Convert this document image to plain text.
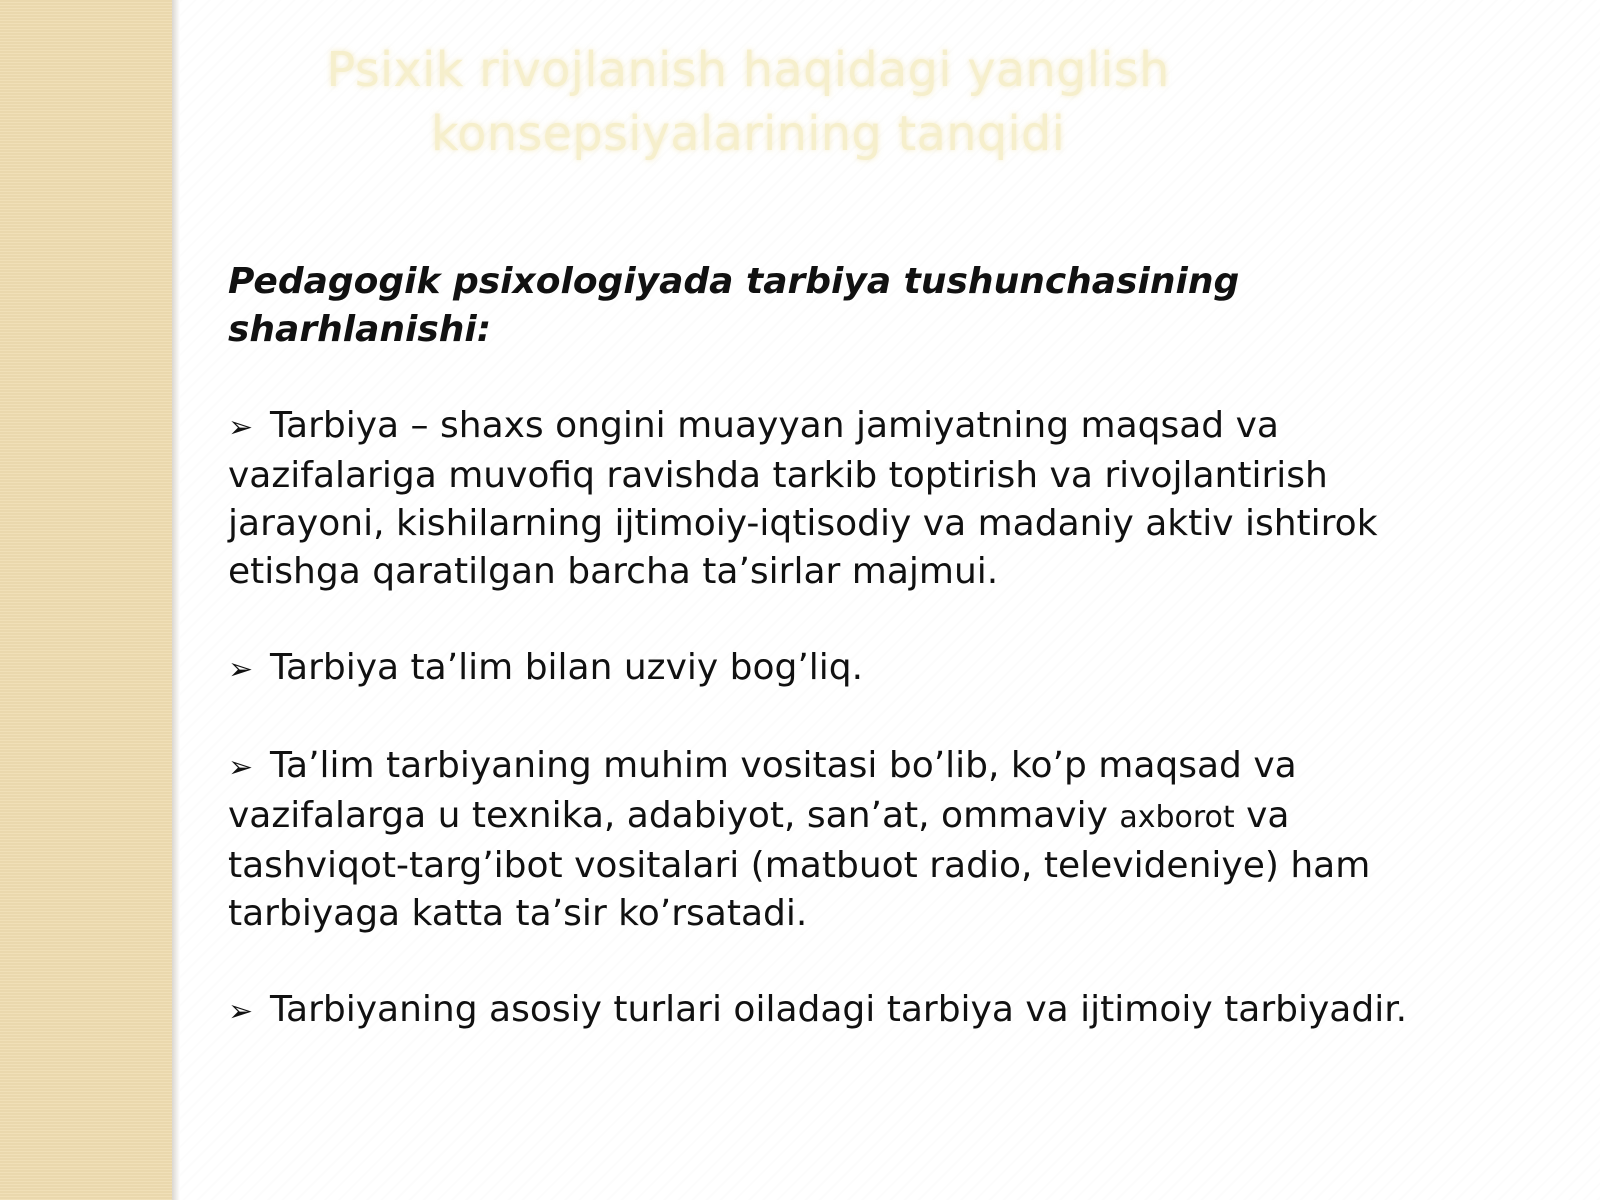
Psixik rivojlanish haqidagi yanglish
konsepsiyalarining tanqidi
Pedagogik psixologiyada tarbiya tushunchasining sharhlanishi:
➢ Tarbiya – shaxs ongini muayyan jamiyatning maqsad va vazifalariga muvofiq ravishda tarkib toptirish va rivojlantirish jarayoni, kishilarning ijtimoiy-iqtisodiy va madaniy aktiv ishtirok etishga qaratilgan barcha ta’sirlar majmui.
➢ Tarbiya ta’lim bilan uzviy bog’liq.
➢ Ta’lim tarbiyaning muhim vositasi bo’lib, ko’p maqsad va vazifalarga u texnika, adabiyot, san’at, ommaviy axborot va tashviqot-targ’ibot vositalari (matbuot radio, televideniye) ham tarbiyaga katta ta’sir ko’rsatadi.
➢ Tarbiyaning asosiy turlari oiladagi tarbiya va ijtimoiy tarbiyadir.
